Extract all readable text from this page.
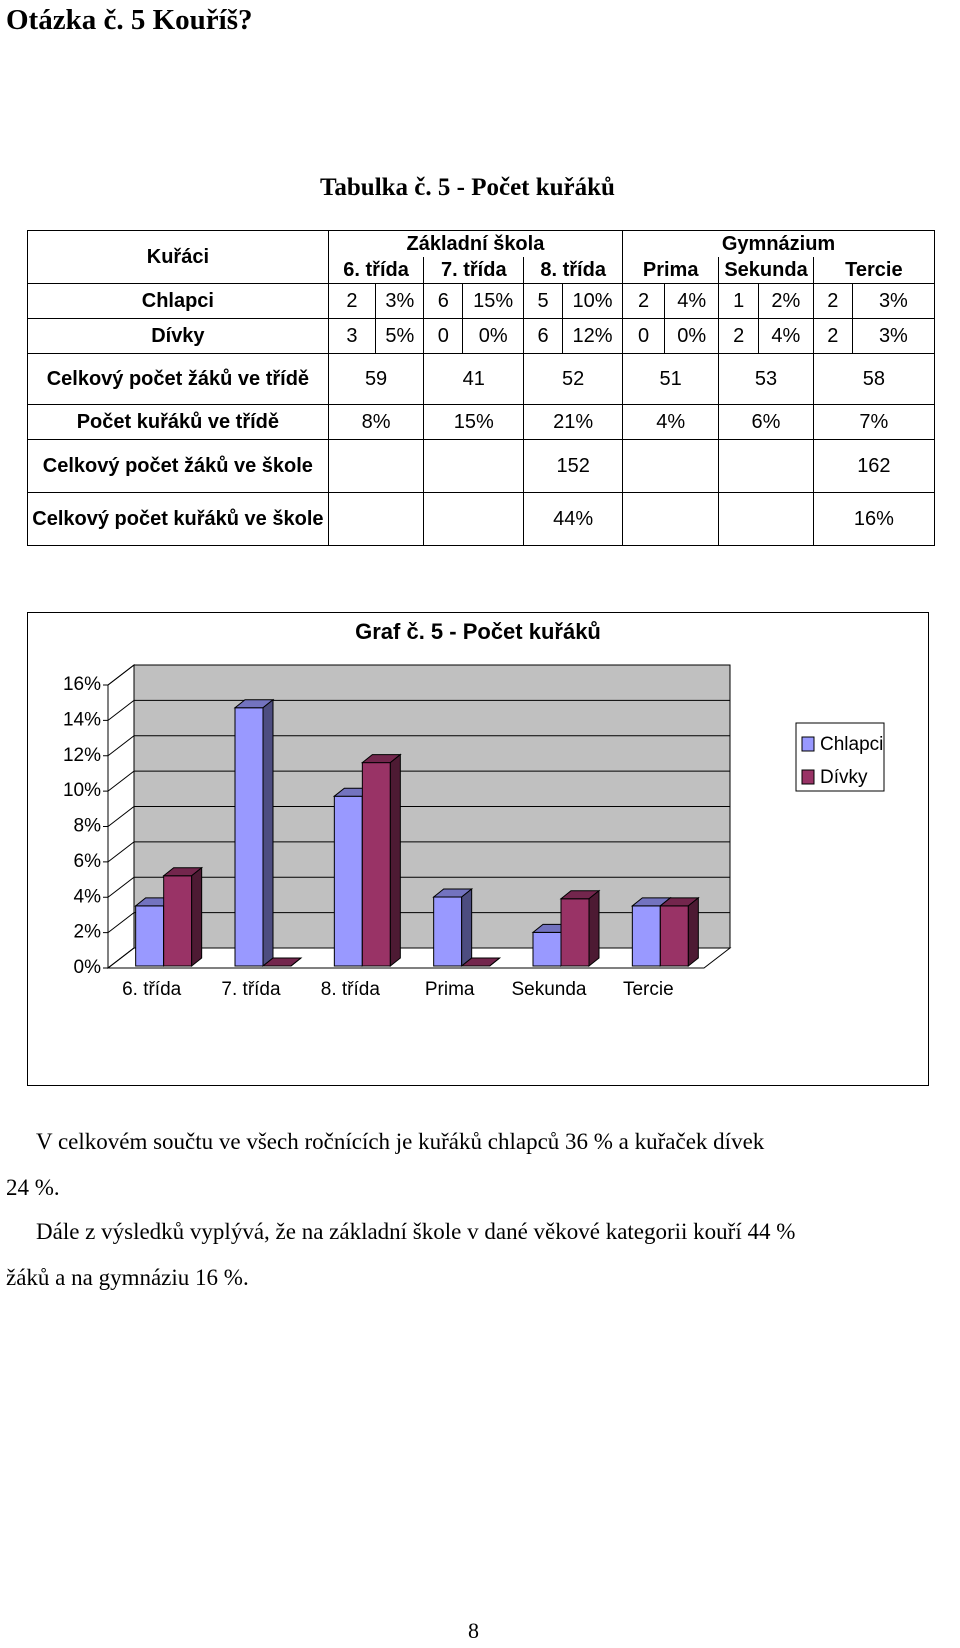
Otázka č. 5 Kouříš?
Tabulka č. 5 - Počet kuřáků
Kuřáci	Základní škola						Gymnázium					
	6. třída		7. třída		8. třída		Prima		Sekunda		Tercie	
Chlapci	2	3%	6	15%	5	10%	2	4%	1	2%	2	3%
Dívky	3	5%	0	0%	6	12%	0	0%	2	4%	2	3%
Celkový počet žáků ve třídě	59		41		52		51		53		58	
Počet kuřáků ve třídě	8%		15%		21%		4%		6%		7%	
Celkový počet žáků ve škole					152						162	
Celkový počet kuřáků ve škole					44%						16%	
Graf č. 5 - Počet kuřáků
0%
2%
4%
6%
8%
10%
12%
14%
16%
6. třída 7. třída 8. třída Prima Sekunda Tercie
Chlapci
Dívky
V celkovém součtu ve všech ročnících je kuřáků chlapců 36 % a kuřaček dívek
24 %.
Dále z výsledků vyplývá, že na základní škole v dané věkové kategorii kouří 44 %
žáků a na gymnáziu 16 %.
8
